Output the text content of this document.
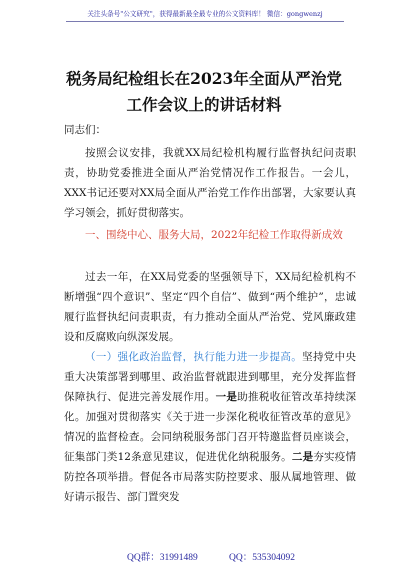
关注头条号"公文研究"，获得最新最全最专业的公文资料库！ 微信：gongwenzj
税务局纪检组长在2023年全面从严治党
工作会议上的讲话材料
同志们：
按照会议安排，我就XX局纪检机构履行监督执纪问责职责，协助党委推进全面从严治党情况作工作报告。一会儿，XXX书记还要对XX局全面从严治党工作作出部署，大家要认真学习领会，抓好贯彻落实。
一、围绕中心、服务大局，2022年纪检工作取得新成效
过去一年，在XX局党委的坚强领导下，XX局纪检机构不断增强“四个意识”、坚定“四个自信”、做到“两个维护”，忠诚履行监督执纪问责职责，有力推动全面从严治党、党风廉政建设和反腐败向纵深发展。
（一）强化政治监督，执行能力进一步提高。坚持党中央重大决策部署到哪里、政治监督就跟进到哪里，充分发挥监督保障执行、促进完善发展作用。一是助推税收征管改革持续深化。加强对贯彻落实《关于进一步深化税收征管改革的意见》情况的监督检查。会同纳税服务部门召开特邀监督员座谈会，征集部门类12条意见建议，促进优化纳税服务。二是夯实疫情防控各项举措。督促各市局落实防控要求、服从属地管理、做好请示报告、部门置突发
QQ群：31991489	QQ：535304092
